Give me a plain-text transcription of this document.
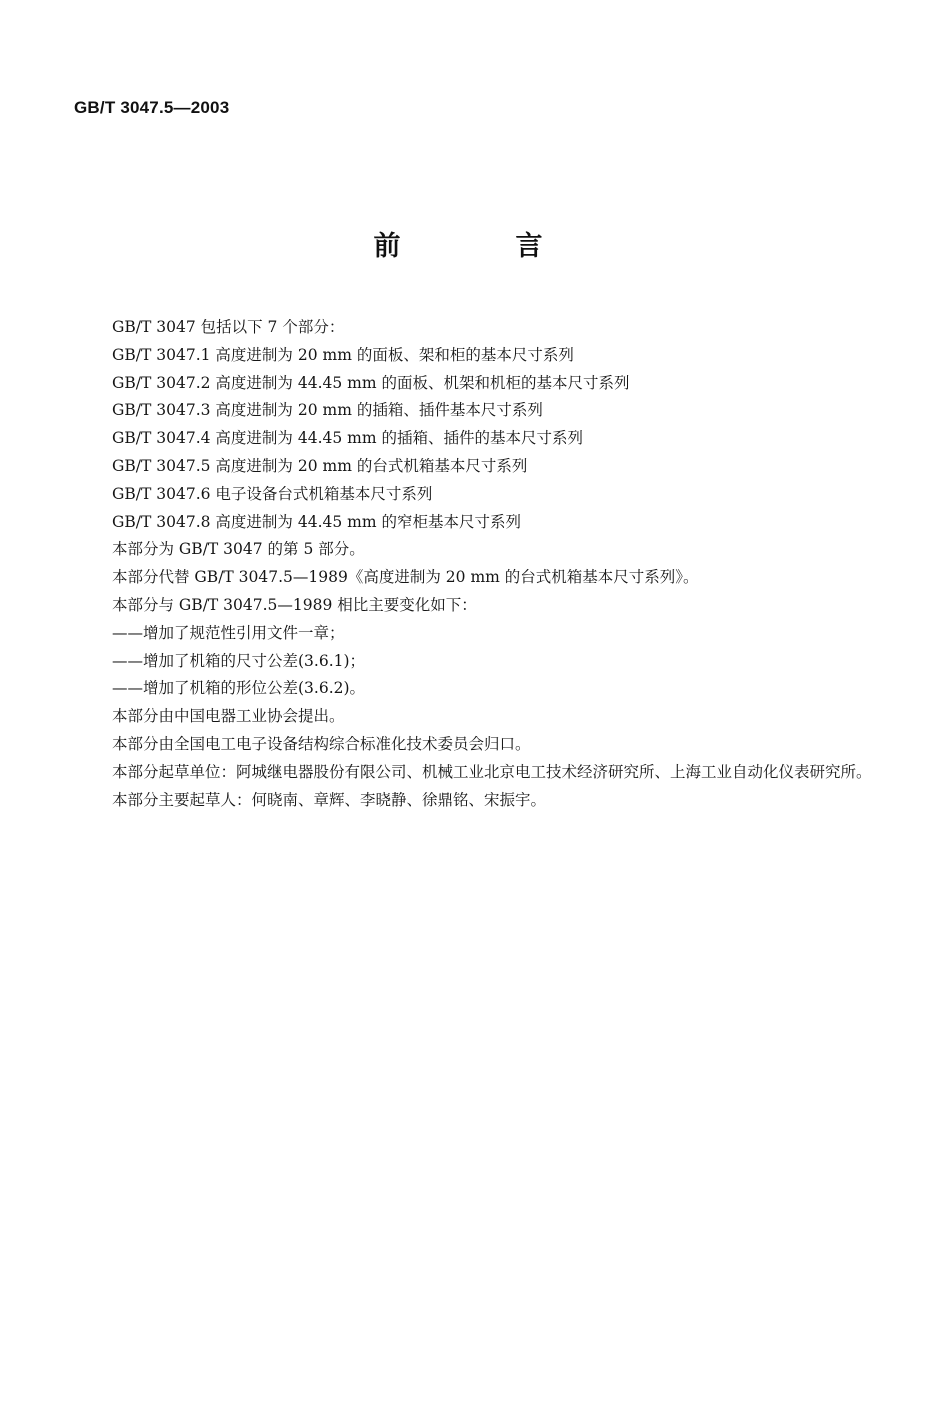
GB/T 3047.5—2003
前　言

GB/T 3047 包括以下 7 个部分：

GB/T 3047.1 高度进制为 20 mm 的面板、架和柜的基本尺寸系列

GB/T 3047.2 高度进制为 44.45 mm 的面板、机架和机柜的基本尺寸系列

GB/T 3047.3 高度进制为 20 mm 的插箱、插件基本尺寸系列

GB/T 3047.4 高度进制为 44.45 mm 的插箱、插件的基本尺寸系列

GB/T 3047.5 高度进制为 20 mm 的台式机箱基本尺寸系列

GB/T 3047.6 电子设备台式机箱基本尺寸系列

GB/T 3047.8 高度进制为 44.45 mm 的窄柜基本尺寸系列

本部分为 GB/T 3047 的第 5 部分。

本部分代替 GB/T 3047.5—1989《高度进制为 20 mm 的台式机箱基本尺寸系列》。

本部分与 GB/T 3047.5—1989 相比主要变化如下：

——增加了规范性引用文件一章；

——增加了机箱的尺寸公差(3.6.1)；

——增加了机箱的形位公差(3.6.2)。

本部分由中国电器工业协会提出。

本部分由全国电工电子设备结构综合标准化技术委员会归口。

本部分起草单位：阿城继电器股份有限公司、机械工业北京电工技术经济研究所、上海工业自动化仪表研究所。

本部分主要起草人：何晓南、章辉、李晓静、徐鼎铭、宋振宇。
